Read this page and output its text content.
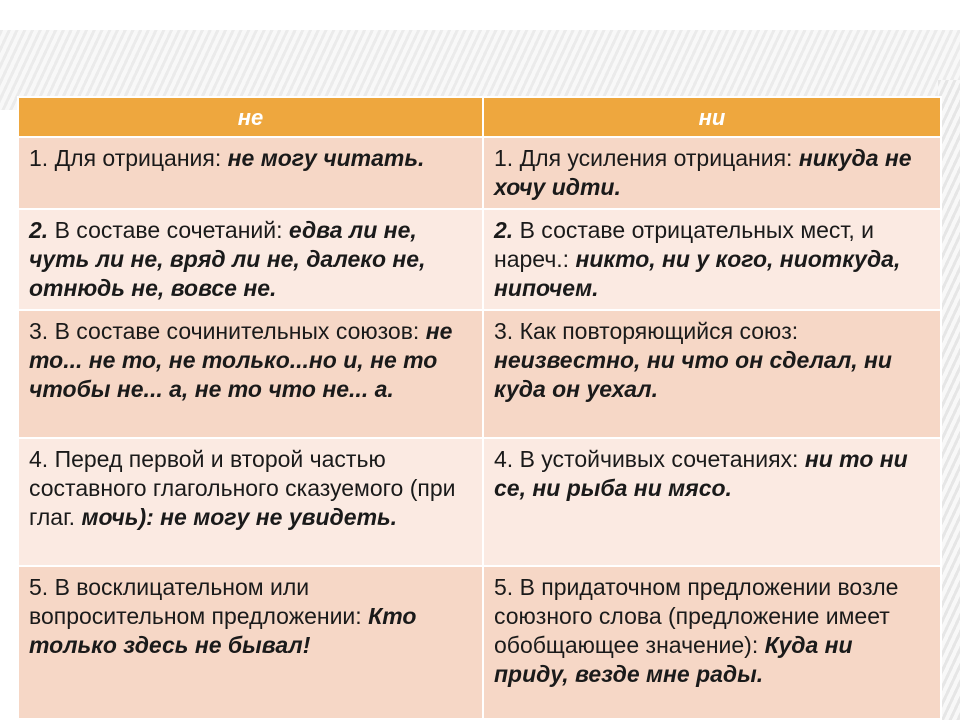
не	ни
1. Для отрицания: не могу читать.	1. Для усиления отрицания: никуда не хочу идти.
2. В составе сочетаний: едва ли не, чуть ли не, вряд ли не, далеко не, отнюдь не, вовсе не.	2. В составе отрицательных мест, и нареч.: никто, ни у кого, ниоткуда, нипочем.
3. В составе сочинительных союзов: не то... не то, не только...но и, не то чтобы не... а, не то что не... а.	3. Как повторяющийся союз: неизвестно, ни что он сделал, ни куда он уехал.
4. Перед первой и второй частью составного глагольного сказуемого (при глаг. мочь): не могу не увидеть.	4. В устойчивых сочетаниях: ни то ни се, ни рыба ни мясо.
5. В восклицательном или вопросительном предложении: Кто только здесь не бывал!	5. В придаточном предложении возле союзного слова (предложение имеет обобщающее значение): Куда ни приду, везде мне рады.
